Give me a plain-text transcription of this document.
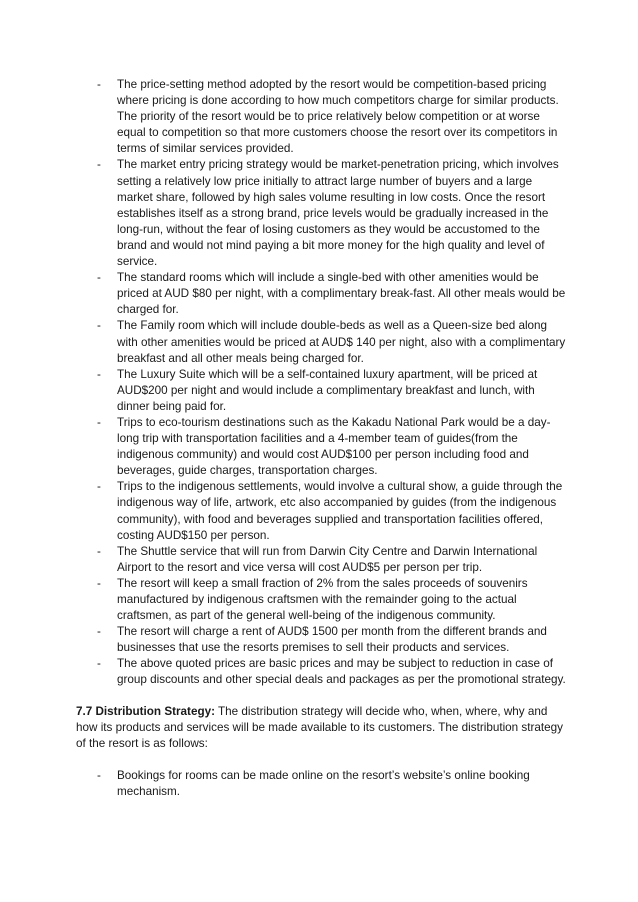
- The price-setting method adopted by the resort would be competition-based pricing where pricing is done according to how much competitors charge for similar products. The priority of the resort would be to price relatively below competition or at worse equal to competition so that more customers choose the resort over its competitors in terms of similar services provided.
- The market entry pricing strategy would be market-penetration pricing, which involves setting a relatively low price initially to attract large number of buyers and a large market share, followed by high sales volume resulting in low costs. Once the resort establishes itself as a strong brand, price levels would be gradually increased in the long-run, without the fear of losing customers as they would be accustomed to the brand and would not mind paying a bit more money for the high quality and level of service.
- The standard rooms which will include a single-bed with other amenities would be priced at AUD $80 per night, with a complimentary break-fast. All other meals would be charged for.
- The Family room which will include double-beds as well as a Queen-size bed along with other amenities would be priced at AUD$ 140 per night, also with a complimentary breakfast and all other meals being charged for.
- The Luxury Suite which will be a self-contained luxury apartment, will be priced at AUD$200 per night and would include a complimentary breakfast and lunch, with dinner being paid for.
- Trips to eco-tourism destinations such as the Kakadu National Park would be a day-long trip with transportation facilities and a 4-member team of guides(from the indigenous community) and would cost AUD$100 per person including food and beverages, guide charges, transportation charges.
- Trips to the indigenous settlements, would involve a cultural show, a guide through the indigenous way of life, artwork, etc also accompanied by guides (from the indigenous community), with food and beverages supplied and transportation facilities offered, costing AUD$150 per person.
- The Shuttle service that will run from Darwin City Centre and Darwin International Airport to the resort and vice versa will cost AUD$5 per person per trip.
- The resort will keep a small fraction of 2% from the sales proceeds of souvenirs manufactured by indigenous craftsmen with the remainder going to the actual craftsmen, as part of the general well-being of the indigenous community.
- The resort will charge a rent of AUD$ 1500 per month from the different brands and businesses that use the resorts premises to sell their products and services.
- The above quoted prices are basic prices and may be subject to reduction in case of group discounts and other special deals and packages as per the promotional strategy.

7.7 Distribution Strategy: The distribution strategy will decide who, when, where, why and how its products and services will be made available to its customers. The distribution strategy of the resort is as follows:

- Bookings for rooms can be made online on the resort’s website’s online booking mechanism.
